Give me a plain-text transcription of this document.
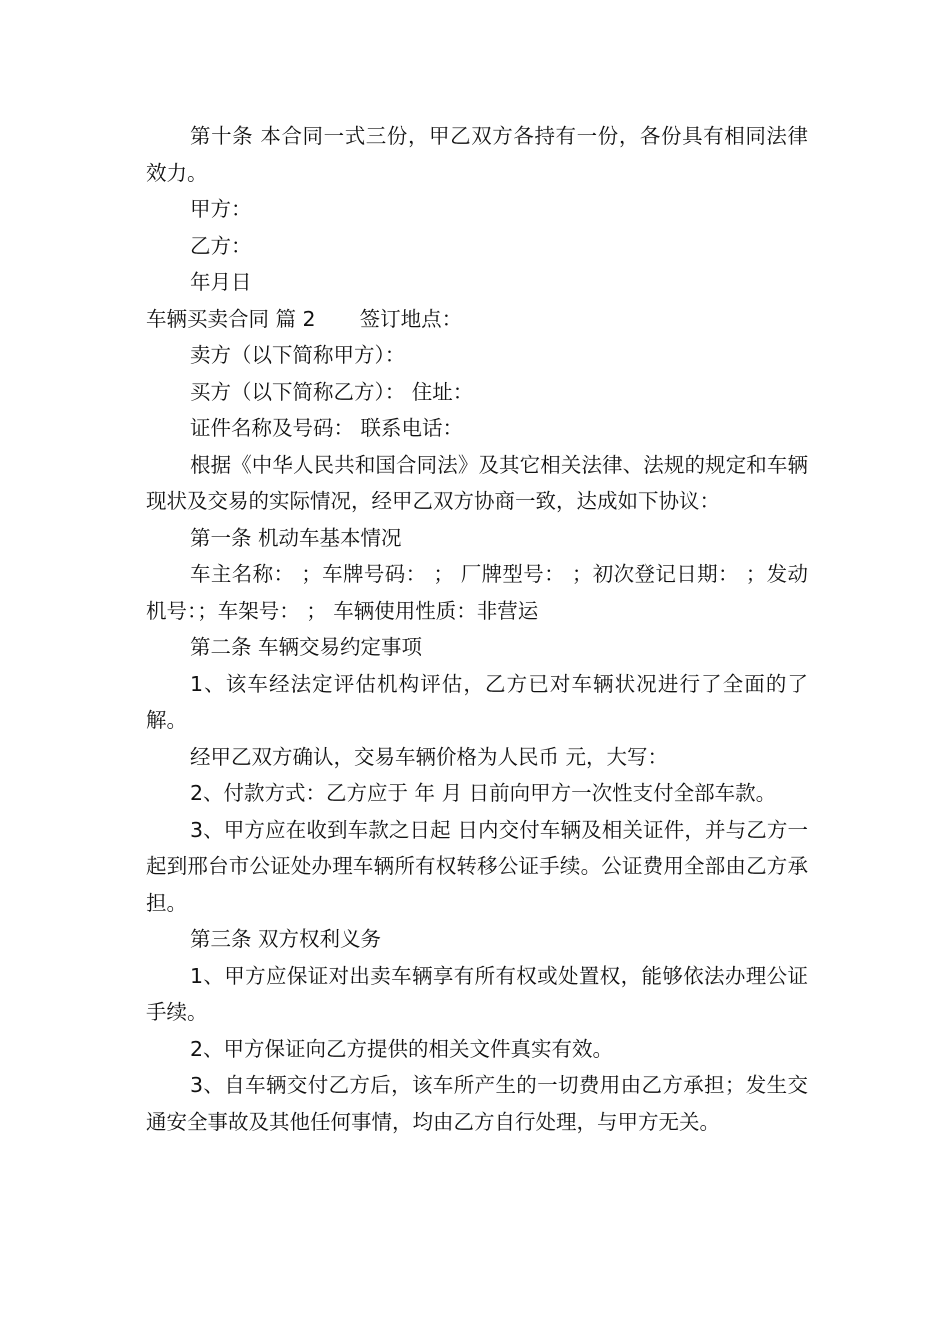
第十条 本合同一式三份，甲乙双方各持有一份，各份具有相同法律效力。

甲方：

乙方：

年月日

车辆买卖合同 篇 2 签订地点：

卖方（以下简称甲方）：

买方（以下简称乙方）： 住址：

证件名称及号码： 联系电话：

根据《中华人民共和国合同法》及其它相关法律、法规的规定和车辆现状及交易的实际情况，经甲乙双方协商一致，达成如下协议：

第一条 机动车基本情况

车主名称： ；车牌号码： ； 厂牌型号： ；初次登记日期： ；发动机号：；车架号： ； 车辆使用性质：非营运

第二条 车辆交易约定事项

1、该车经法定评估机构评估，乙方已对车辆状况进行了全面的了解。

经甲乙双方确认，交易车辆价格为人民币 元，大写：

2、付款方式：乙方应于 年 月 日前向甲方一次性支付全部车款。

3、甲方应在收到车款之日起 日内交付车辆及相关证件，并与乙方一起到邢台市公证处办理车辆所有权转移公证手续。公证费用全部由乙方承担。

第三条 双方权利义务

1、甲方应保证对出卖车辆享有所有权或处置权，能够依法办理公证手续。

2、甲方保证向乙方提供的相关文件真实有效。

3、自车辆交付乙方后，该车所产生的一切费用由乙方承担；发生交通安全事故及其他任何事情，均由乙方自行处理，与甲方无关。
